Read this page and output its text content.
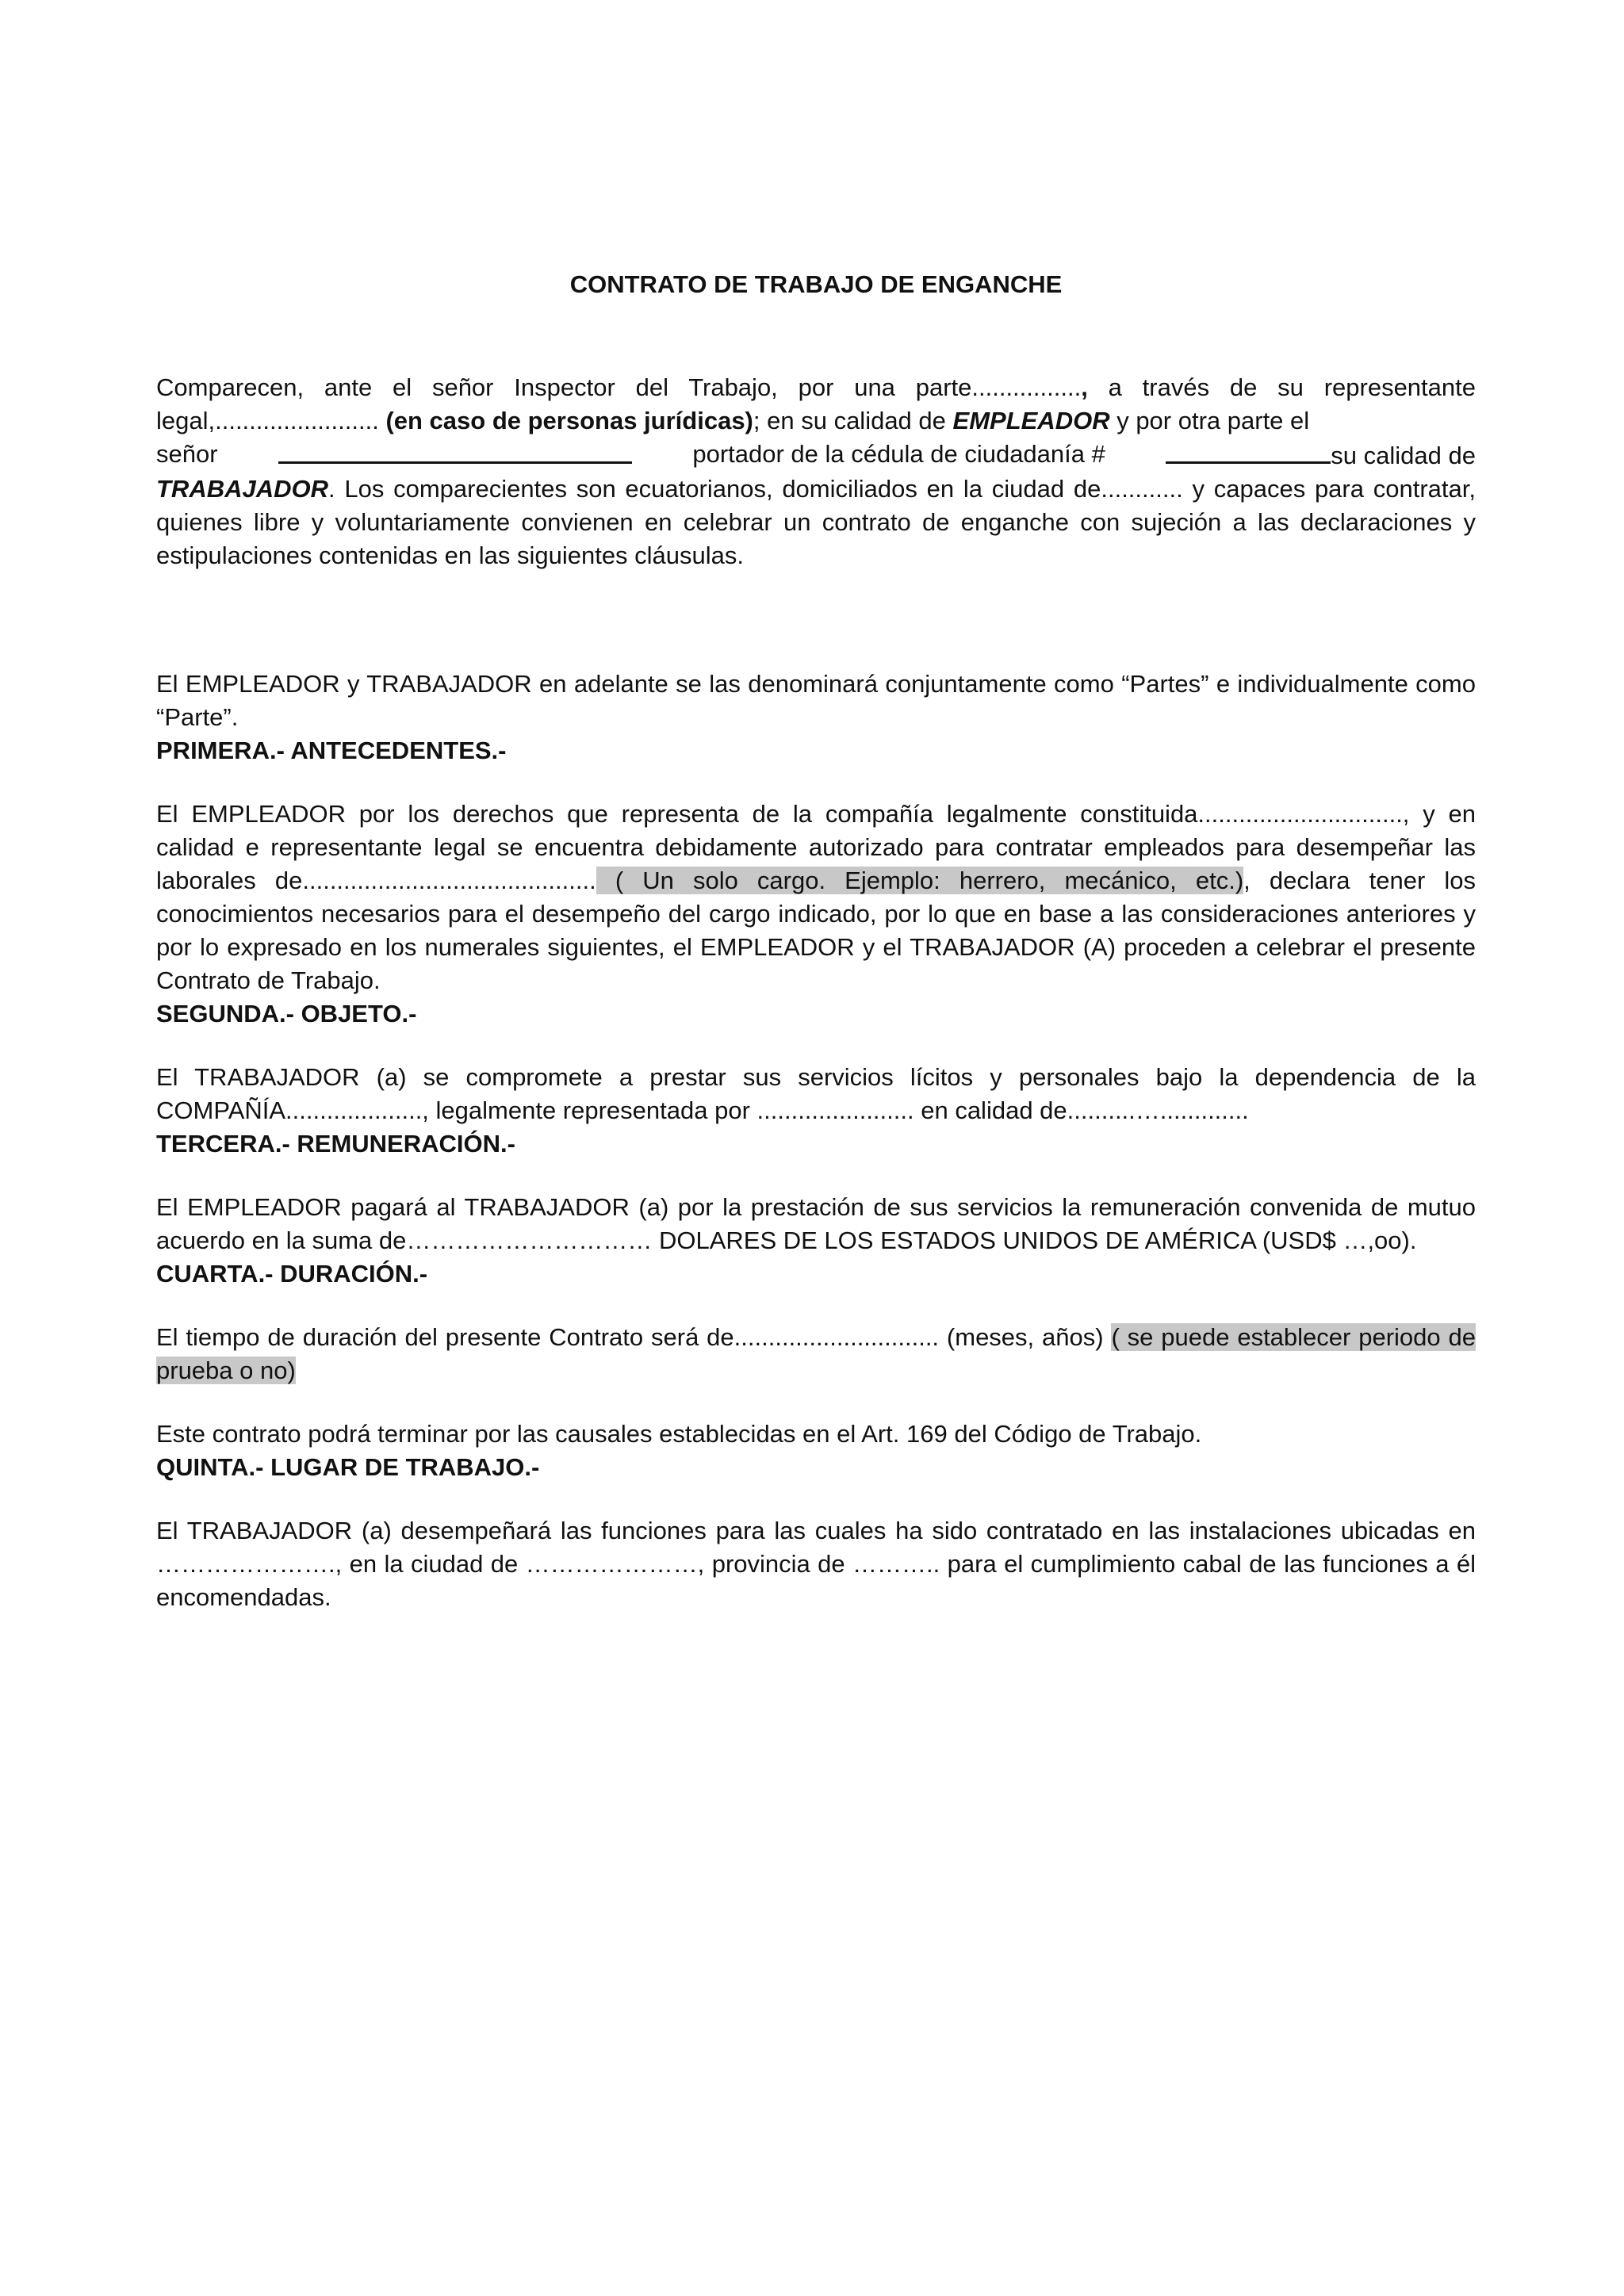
CONTRATO DE TRABAJO DE ENGANCHE

Comparecen, ante el señor Inspector del Trabajo, por una parte................, a través de su representante legal,........................ (en caso de personas jurídicas); en su calidad de EMPLEADOR y por otra parte el

señor	portador de la cédula de ciudadanía #	su calidad de

TRABAJADOR. Los comparecientes son ecuatorianos, domiciliados en la ciudad de............ y capaces para contratar, quienes libre y voluntariamente convienen en celebrar un contrato de enganche con sujeción a las declaraciones y estipulaciones contenidas en las siguientes cláusulas.

El EMPLEADOR y TRABAJADOR en adelante se las denominará conjuntamente como “Partes” e individualmente como “Parte”.

PRIMERA.- ANTECEDENTES.-

El EMPLEADOR por los derechos que representa de la compañía legalmente constituida.............................., y en calidad e representante legal se encuentra debidamente autorizado para contratar empleados para desempeñar las laborales de........................................... ( Un solo cargo. Ejemplo: herrero, mecánico, etc.), declara tener los conocimientos necesarios para el desempeño del cargo indicado, por lo que en base a las consideraciones anteriores y por lo expresado en los numerales siguientes, el EMPLEADOR y el TRABAJADOR (A) proceden a celebrar el presente Contrato de Trabajo.

SEGUNDA.- OBJETO.-

El TRABAJADOR (a) se compromete a prestar sus servicios lícitos y personales bajo la dependencia de la COMPAÑÍA...................., legalmente representada por ....................... en calidad de..........….............

TERCERA.- REMUNERACIÓN.-

El EMPLEADOR pagará al TRABAJADOR (a) por la prestación de sus servicios la remuneración convenida de mutuo acuerdo en la suma de………………………… DOLARES DE LOS ESTADOS UNIDOS DE AMÉRICA (USD$ …,oo).

CUARTA.- DURACIÓN.-

El tiempo de duración del presente Contrato será de.............................. (meses, años) ( se puede establecer periodo de prueba o no)

Este contrato podrá terminar por las causales establecidas en el Art. 169 del Código de Trabajo.

QUINTA.- LUGAR DE TRABAJO.-

El TRABAJADOR (a) desempeñará las funciones para las cuales ha sido contratado en las instalaciones ubicadas en …………………., en la ciudad de …………………, provincia de ……….. para el cumplimiento cabal de las funciones a él encomendadas.
